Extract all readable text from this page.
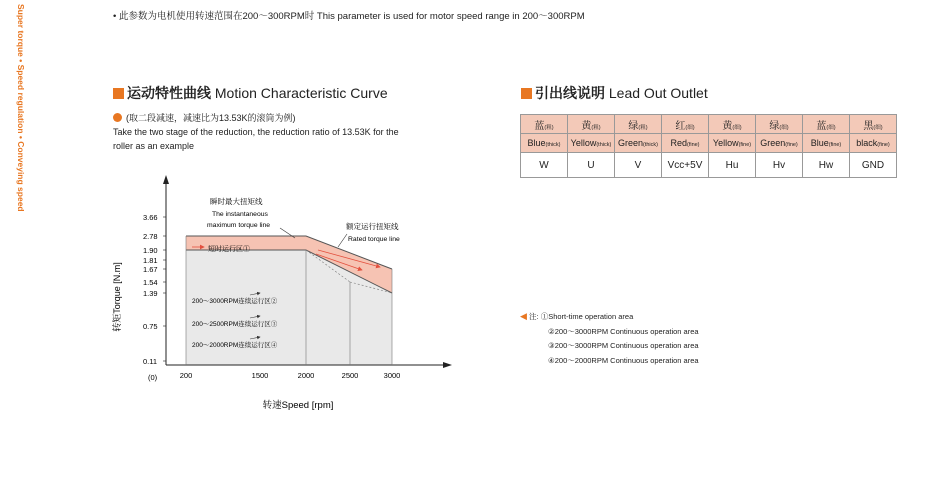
Super torque • Speed regulation • Conveying speed	• 此参数为电机使用转速范围在200～300RPM时 This parameter is used for motor speed range in 200～300RPM
运动特性曲线 Motion Characteristic Curve
(取二段减速，减速比为13.53K的滚筒为例)
Take the two stage of the reduction, the reduction ratio of 13.53K for the roller as an example
3.66
2.78
1.90
1.81
1.67
1.54
1.39
0.75
0.11
(0)	200	1500	2000	2500	3000
瞬时最大扭矩线
The instantaneous
maximum torque line	额定运行扭矩线
Rated torque line
短时运行区①
200～3000RPM连续运行区②
200～2500RPM连续运行区③
200～2000RPM连续运行区④
转速Speed [rpm]
转矩Torque [N.m]
引出线说明 Lead Out Outlet
蓝(粗)	黄(粗)	绿(粗)	红(细)	黄(细)	绿(细)	蓝(细)	黑(细)
Blue(thick)	Yellow(thick)	Green(thick)	Red(fine)	Yellow(fine)	Green(fine)	Blue(fine)	black(fine)
W	U	V	Vcc+5V	Hu	Hv	Hw	GND
◀ 注: ①Short-time operation area
②200～3000RPM Continuous operation area
③200～3000RPM Continuous operation area
④200～2000RPM Continuous operation area
